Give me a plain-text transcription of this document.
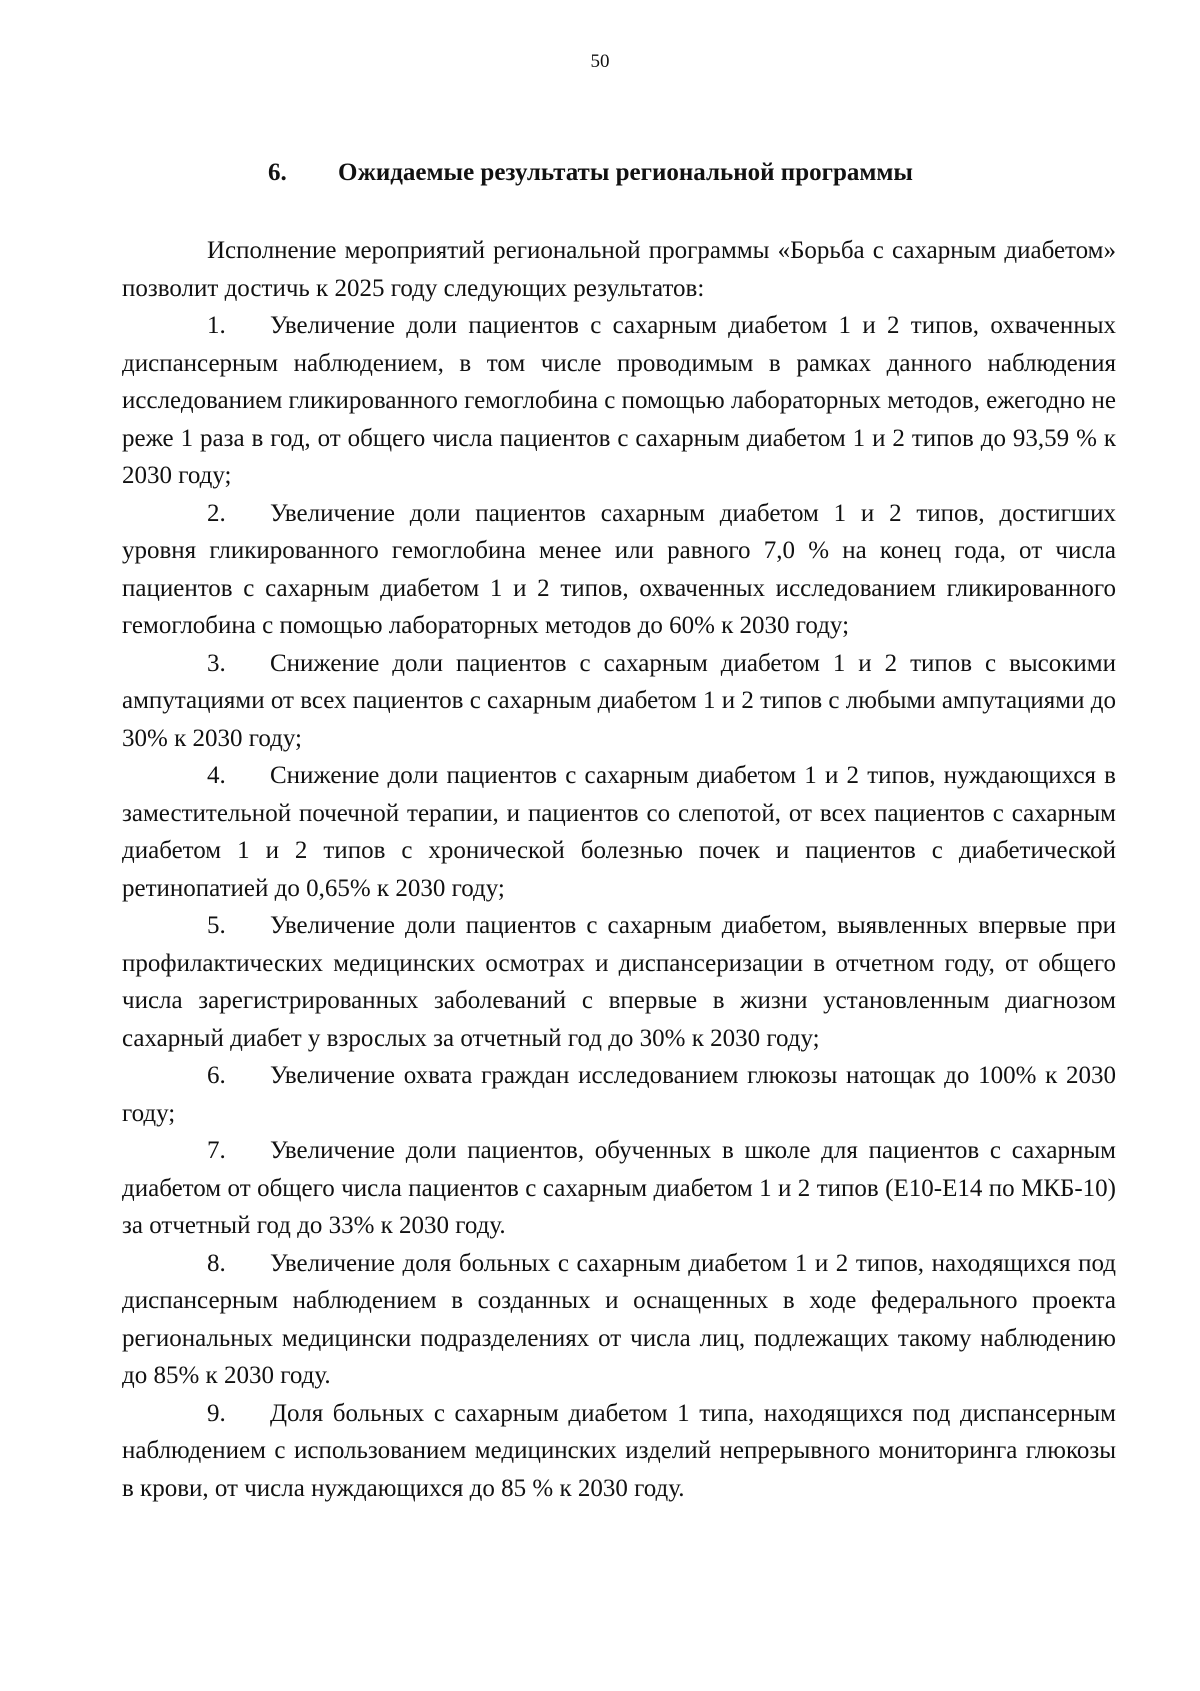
50
6. Ожидаемые результаты региональной программы

Исполнение мероприятий региональной программы «Борьба с сахарным диабетом» позволит достичь к 2025 году следующих результатов:

1. Увеличение доли пациентов с сахарным диабетом 1 и 2 типов, охваченных диспансерным наблюдением, в том числе проводимым в рамках данного наблюдения исследованием гликированного гемоглобина с помощью лабораторных методов, ежегодно не реже 1 раза в год, от общего числа пациентов с сахарным диабетом 1 и 2 типов до 93,59 % к 2030 году;

2. Увеличение доли пациентов сахарным диабетом 1 и 2 типов, достигших уровня гликированного гемоглобина менее или равного 7,0 % на конец года, от числа пациентов с сахарным диабетом 1 и 2 типов, охваченных исследованием гликированного гемоглобина с помощью лабораторных методов до 60% к 2030 году;

3. Снижение доли пациентов с сахарным диабетом 1 и 2 типов с высокими ампутациями от всех пациентов с сахарным диабетом 1 и 2 типов с любыми ампутациями до 30% к 2030 году;

4. Снижение доли пациентов с сахарным диабетом 1 и 2 типов, нуждающихся в заместительной почечной терапии, и пациентов со слепотой, от всех пациентов с сахарным диабетом 1 и 2 типов с хронической болезнью почек и пациентов с диабетической ретинопатией до 0,65% к 2030 году;

5. Увеличение доли пациентов с сахарным диабетом, выявленных впервые при профилактических медицинских осмотрах и диспансеризации в отчетном году, от общего числа зарегистрированных заболеваний с впервые в жизни установленным диагнозом сахарный диабет у взрослых за отчетный год до 30% к 2030 году;

6. Увеличение охвата граждан исследованием глюкозы натощак до 100% к 2030 году;

7. Увеличение доли пациентов, обученных в школе для пациентов с сахарным диабетом от общего числа пациентов с сахарным диабетом 1 и 2 типов (E10-E14 по МКБ-10) за отчетный год до 33% к 2030 году.

8. Увеличение доля больных с сахарным диабетом 1 и 2 типов, находящихся под диспансерным наблюдением в созданных и оснащенных в ходе федерального проекта региональных медицински подразделениях от числа лиц, подлежащих такому наблюдению до 85% к 2030 году.

9. Доля больных с сахарным диабетом 1 типа, находящихся под диспансерным наблюдением с использованием медицинских изделий непрерывного мониторинга глюкозы в крови, от числа нуждающихся до 85 % к 2030 году.
